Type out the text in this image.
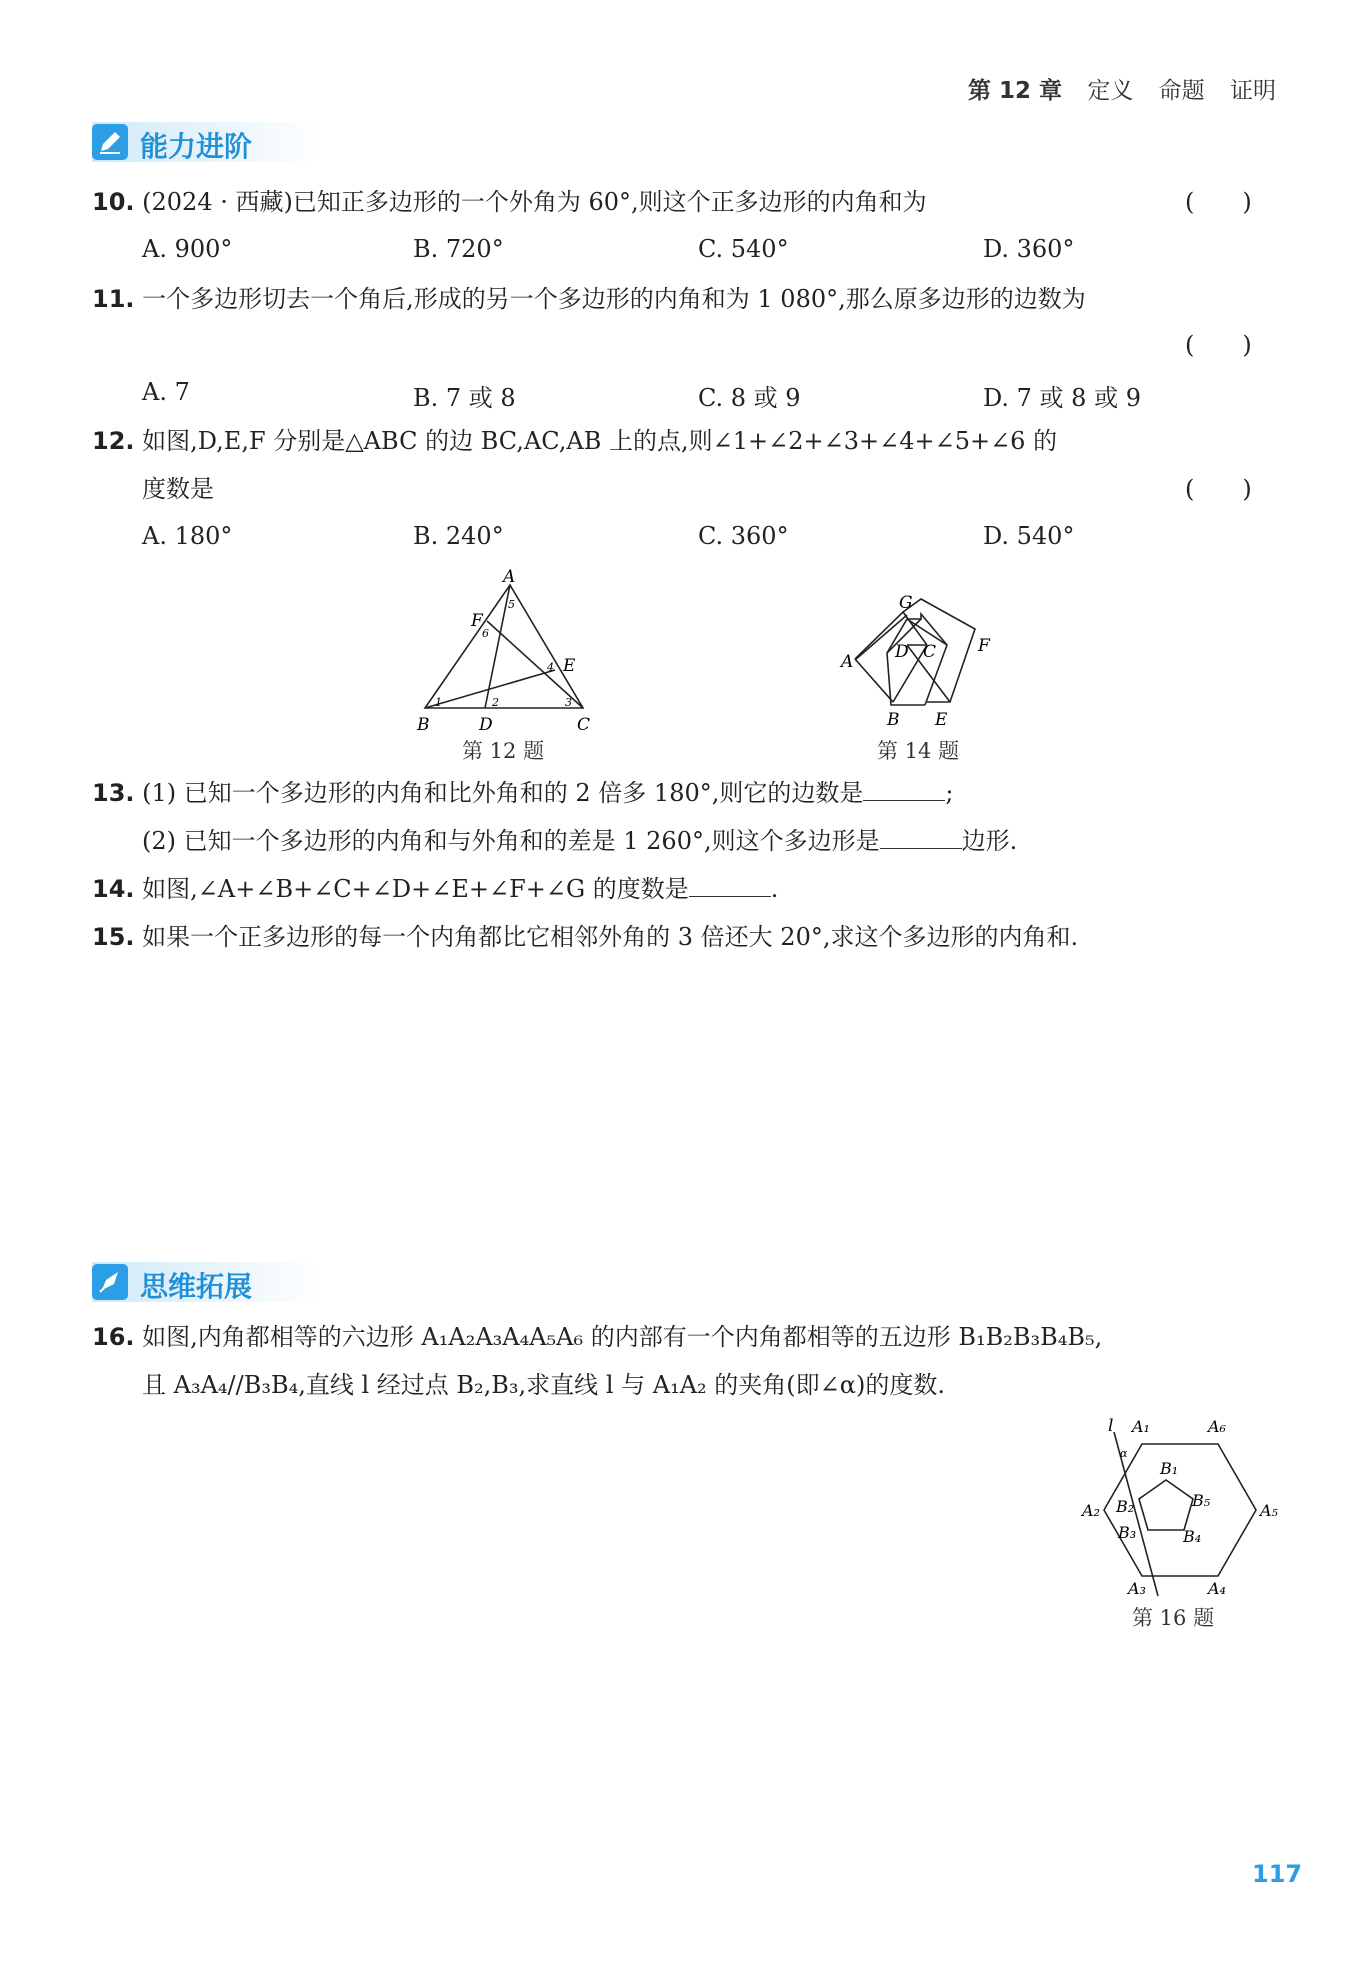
第 12 章 定义 命题 证明
能力进阶
10. (2024 · 西藏)已知正多边形的一个外角为 60°,则这个正多边形的内角和为	(　　)
A. 900°	B. 720°	C. 540°	D. 360°
11. 一个多边形切去一个角后,形成的另一个多边形的内角和为 1 080°,那么原多边形的边数为
(　　)
A. 7	B. 7 或 8	C. 8 或 9	D. 7 或 8 或 9
12. 如图,D,E,F 分别是△ABC 的边 BC,AC,AB 上的点,则∠1+∠2+∠3+∠4+∠5+∠6 的
度数是	(　　)
A. 180°	B. 240°	C. 360°	D. 540°
A
B	C
D
E
F
1	2	3
4
5
6
第 12 题
G
A D C F
B E
第 14 题
13. (1) 已知一个多边形的内角和比外角和的 2 倍多 180°,则它的边数是	;
(2) 已知一个多边形的内角和与外角和的差是 1 260°,则这个多边形是	边形.
14. 如图,∠A+∠B+∠C+∠D+∠E+∠F+∠G 的度数是	.
15. 如果一个正多边形的每一个内角都比它相邻外角的 3 倍还大 20°,求这个多边形的内角和.
思维拓展
16. 如图,内角都相等的六边形 A₁A₂A₃A₄A₅A₆ 的内部有一个内角都相等的五边形 B₁B₂B₃B₄B₅,
且 A₃A₄//B₃B₄,直线 l 经过点 B₂,B₃,求直线 l 与 A₁A₂ 的夹角(即∠α)的度数.
l
α
A₁	A₆
A₂	A₅
A₃	A₄
B₁
B₂
B₃	B₄
B₅
第 16 题
117
